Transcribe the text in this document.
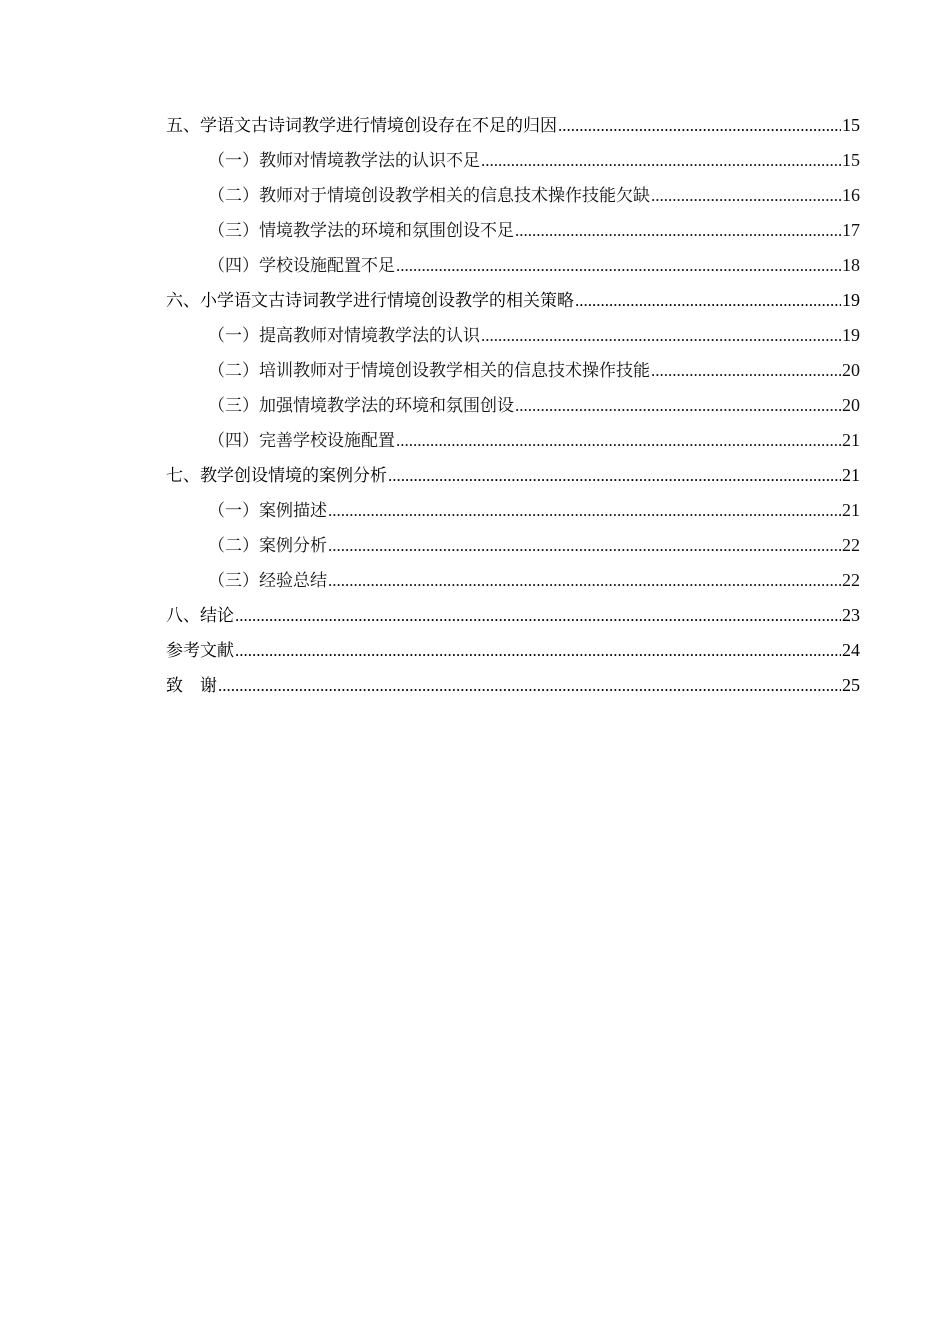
五、学语文古诗词教学进行情境创设存在不足的归因 .....	15
（一）教师对情境教学法的认识不足 .....	15
（二）教师对于情境创设教学相关的信息技术操作技能欠缺 .....	16
（三）情境教学法的环境和氛围创设不足 .....	17
（四）学校设施配置不足 .....	18
六、小学语文古诗词教学进行情境创设教学的相关策略 .....	19
（一）提高教师对情境教学法的认识 .....	19
（二）培训教师对于情境创设教学相关的信息技术操作技能 .....	20
（三）加强情境教学法的环境和氛围创设 .....	20
（四）完善学校设施配置 .....	21
七、教学创设情境的案例分析 .....	21
（一）案例描述 .....	21
（二）案例分析 .....	22
（三）经验总结 .....	22
八、结论 .....	23
参考文献 .....	24
致　谢 .....	25
